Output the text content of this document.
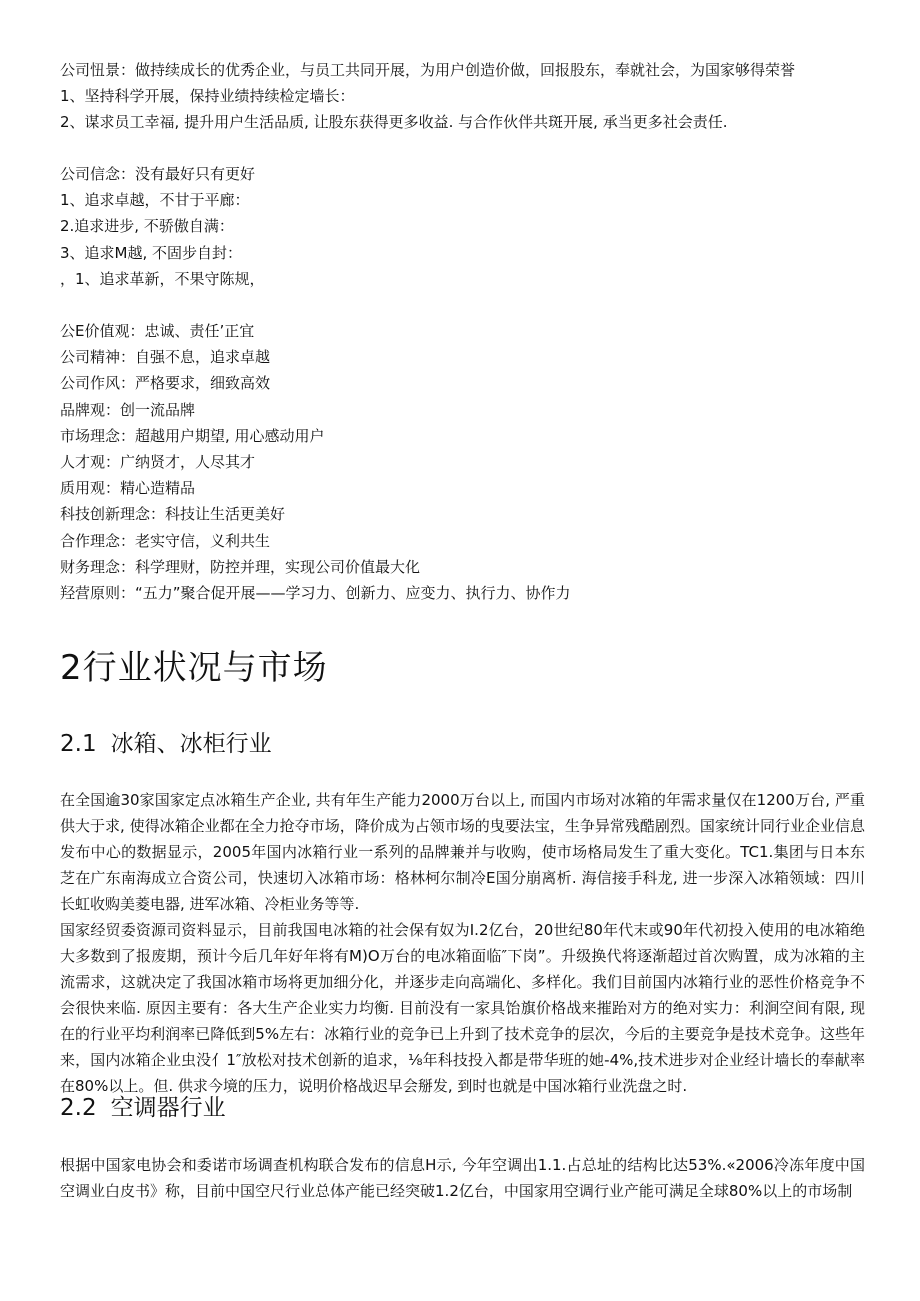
公司忸景：做持续成长的优秀企业，与员工共同开展，为用户创造价做，回报股东，奉就社会，为国家够得荣誉
1、坚持科学开展，保持业绩持续检定墙长：
2、谋求员工幸福, 提升用户生活品质, 让股东获得更多收益. 与合作伙伴共斑开展, 承当更多社会责任.
公司信念：没有最好只有更好
1、追求卓越，不甘于平廊：
2.追求进步, 不骄傲自满：
3、追求M越, 不固步自封：
，1、追求革新，不果守陈规，
公E价值观：忠诚、责任’正宜
公司精神：自强不息，追求卓越
公司作风：严格要求，细致高效
品牌观：创一流品牌
市场理念：超越用户期望, 用心感动用户
人才观：广纳贤才，人尽其才
质用观：精心造精品
科技创新理念：科技让生活更美好
合作理念：老实守信，义利共生
财务理念：科学理财，防控并理，实现公司价值最大化
羟营原则：“五力”聚合促开展——学习力、创新力、应变力、执行力、协作力
2行业状况与市场
2.1 冰箱、冰柜行业

在全国逾30家国家定点冰箱生产企业, 共有年生产能力2000万台以上, 而国内市场对冰箱的年需求量仅在1200万台, 严重供大于求, 使得冰箱企业都在全力抢夺市场，降价成为占领市场的曳要法宝，生争异常残酷剧烈。国家统计同行业企业信息发布中心的数据显示，2005年国内冰箱行业一系列的品牌兼并与收购，使市场格局发生了重大变化。TC1.集团与日本东芝在广东南海成立合资公司，快速切入冰箱市场：格林柯尔制冷E国分崩离析. 海信接手科龙, 进一步深入冰箱领域：四川长虹收购美菱电器, 进军冰箱、冷柜业务等等.

国家经贸委资源司资料显示，目前我国电冰箱的社会保有奴为I.2亿台，20世纪80年代末或90年代初投入使用的电冰箱绝大多数到了报废期，预计今后几年好年将有M)O万台的电冰箱面临″下岗”。升级换代将逐渐超过首次购置，成为冰箱的主流需求，这就决定了我国冰箱市场将更加细分化，并逐步走向高端化、多样化。我们目前国内冰箱行业的恶性价格竞争不会很快来临. 原因主要有：各大生产企业实力均衡. 目前没有一家具饴旗价格战来摧跆对方的绝对实力：利涧空间有限, 现在的行业平均利润率已降低到5%左右：冰箱行业的竞争已上升到了技术竞争的层次，今后的主要竞争是技术竞争。这些年来，国内冰箱企业虫没亻1″放松对技术创新的追求，⅛年科技投入都是带华班的她-4%,技术进步对企业经计墙长的奉献率在80%以上。但. 供求今境的压力，说明价格战迟早会掰发, 到时也就是中国冰箱行业洗盘之时.

2.2 空调器行业

根据中国家电协会和委诺市场调查机构联合发布的信息H示, 今年空调出1.1.占总址的结构比达53%.«2006冷冻年度中国空调业白皮书》称，目前中国空尺行业总体产能已经突破1.2亿台，中国家用空调行业产能可满足全球80%以上的市场制
